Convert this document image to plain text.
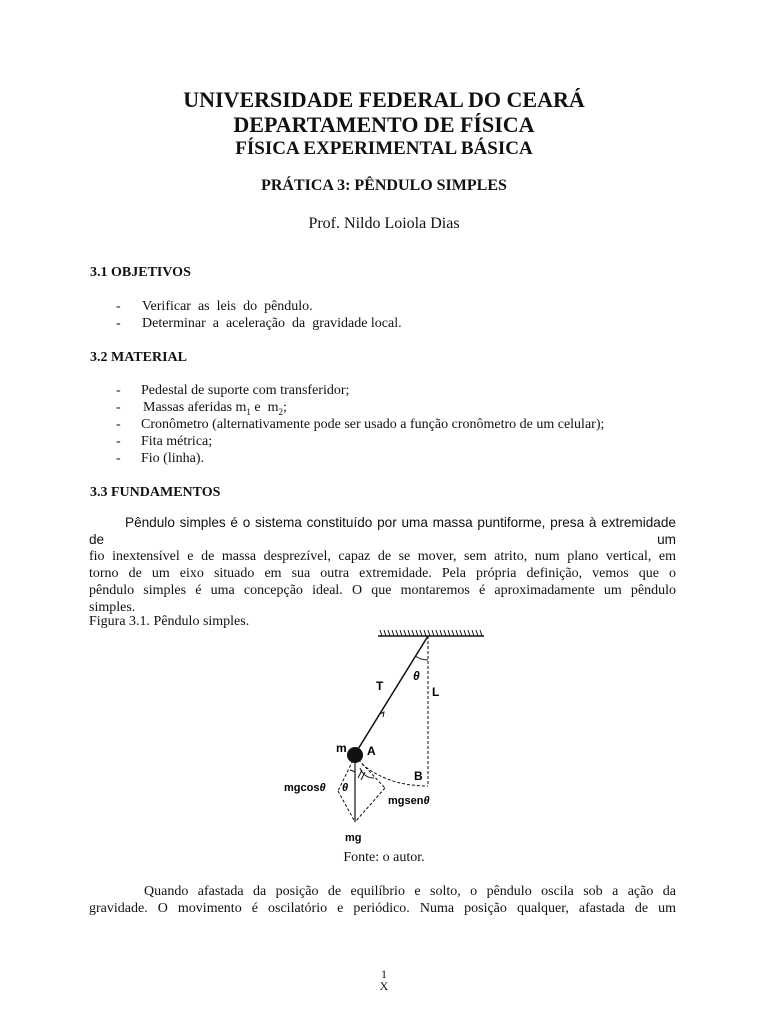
UNIVERSIDADE FEDERAL DO CEARÁ
DEPARTAMENTO DE FÍSICA
FÍSICA EXPERIMENTAL BÁSICA
PRÁTICA 3: PÊNDULO SIMPLES
Prof. Nildo Loiola Dias
3.1 OBJETIVOS
- Verificar  as  leis  do  pêndulo.
- Determinar  a  aceleração  da  gravidade local.
3.2 MATERIAL
- Pedestal de suporte com transferidor;
- Massas aferidas $m_1$ e  $m_2$;
- Cronômetro (alternativamente pode ser usado a função cronômetro de um celular);
- Fita métrica;
- Fio (linha).
3.3 FUNDAMENTOS
Pêndulo simples é o sistema constituído por uma massa puntiforme, presa à extremidade de um
fio inextensível e de massa desprezível, capaz de se mover, sem atrito, num plano vertical, em
torno de um eixo situado em sua outra extremidade. Pela própria definição, vemos que o
pêndulo simples é uma concepção ideal. O que montaremos é aproximadamente um pêndulo
simples.
Figura 3.1. Pêndulo simples.
θ
T	L
m A
B
mgcosθ θ
mgsenθ
mg
Fonte: o autor.
Quando afastada da posição de equilíbrio e solto, o pêndulo oscila sob a ação da
gravidade. O movimento é oscilatório e periódico. Numa posição qualquer, afastada de um
1
X
